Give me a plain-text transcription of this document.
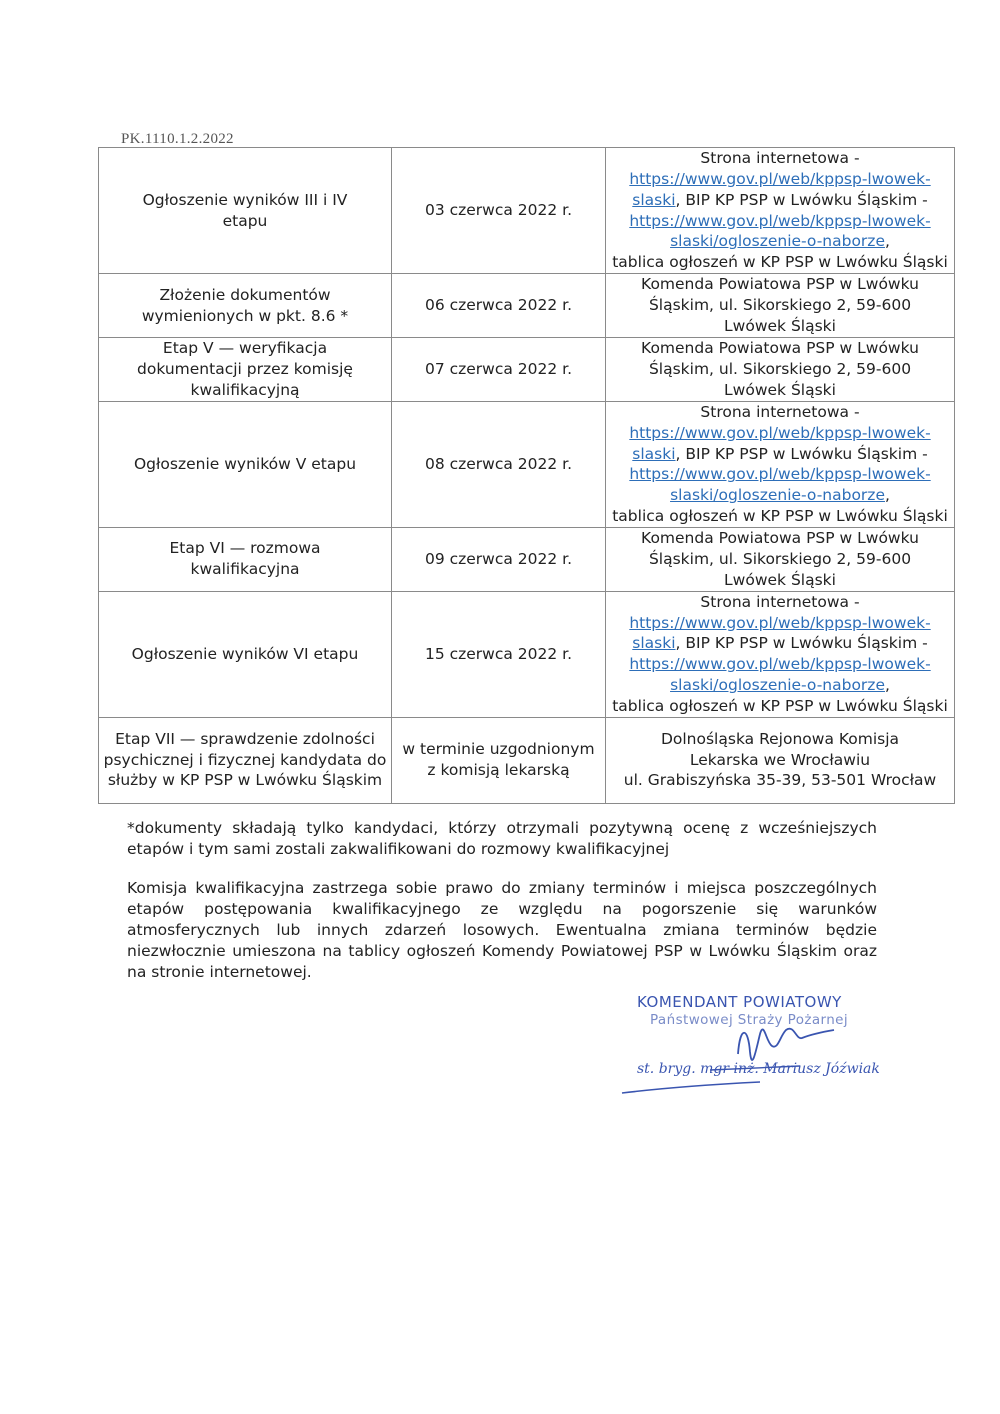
PK.1110.1.2.2022
Ogłoszenie wyników III i IV etapu	03 czerwca 2022 r.	Strona internetowa -
https://www.gov.pl/web/kppsp-lwowek-slaski, BIP KP PSP w Lwówku Śląskim -
https://www.gov.pl/web/kppsp-lwowek-slaski/ogloszenie-o-naborze,
tablica ogłoszeń w KP PSP w Lwówku Śląski
Złożenie dokumentów wymienionych w pkt. 8.6 *	06 czerwca 2022 r.	Komenda Powiatowa PSP w Lwówku Śląskim, ul. Sikorskiego 2, 59-600 Lwówek Śląski
Etap V — weryfikacja dokumentacji przez komisję kwalifikacyjną	07 czerwca 2022 r.	Komenda Powiatowa PSP w Lwówku Śląskim, ul. Sikorskiego 2, 59-600 Lwówek Śląski
Ogłoszenie wyników V etapu	08 czerwca 2022 r.	Strona internetowa -
https://www.gov.pl/web/kppsp-lwowek-slaski, BIP KP PSP w Lwówku Śląskim -
https://www.gov.pl/web/kppsp-lwowek-slaski/ogloszenie-o-naborze,
tablica ogłoszeń w KP PSP w Lwówku Śląski
Etap VI — rozmowa kwalifikacyjna	09 czerwca 2022 r.	Komenda Powiatowa PSP w Lwówku Śląskim, ul. Sikorskiego 2, 59-600 Lwówek Śląski
Ogłoszenie wyników VI etapu	15 czerwca 2022 r.	Strona internetowa -
https://www.gov.pl/web/kppsp-lwowek-slaski, BIP KP PSP w Lwówku Śląskim -
https://www.gov.pl/web/kppsp-lwowek-slaski/ogloszenie-o-naborze,
tablica ogłoszeń w KP PSP w Lwówku Śląski
Etap VII — sprawdzenie zdolności psychicznej i fizycznej kandydata do służby w KP PSP w Lwówku Śląskim	w terminie uzgodnionym z komisją lekarską	Dolnośląska Rejonowa Komisja Lekarska we Wrocławiu
ul. Grabiszyńska 35-39, 53-501 Wrocław
*dokumenty składają tylko kandydaci, którzy otrzymali pozytywną ocenę z wcześniejszych etapów i tym sami zostali zakwalifikowani do rozmowy kwalifikacyjnej
Komisja kwalifikacyjna zastrzega sobie prawo do zmiany terminów i miejsca poszczególnych etapów postępowania kwalifikacyjnego ze względu na pogorszenie się warunków atmosferycznych lub innych zdarzeń losowych. Ewentualna zmiana terminów będzie niezwłocznie umieszona na tablicy ogłoszeń Komendy Powiatowej PSP w Lwówku Śląskim oraz na stronie internetowej.
KOMENDANT POWIATOWY
Państwowej Straży Pożarnej
st. bryg. mgr inż. Mariusz Jóźwiak
